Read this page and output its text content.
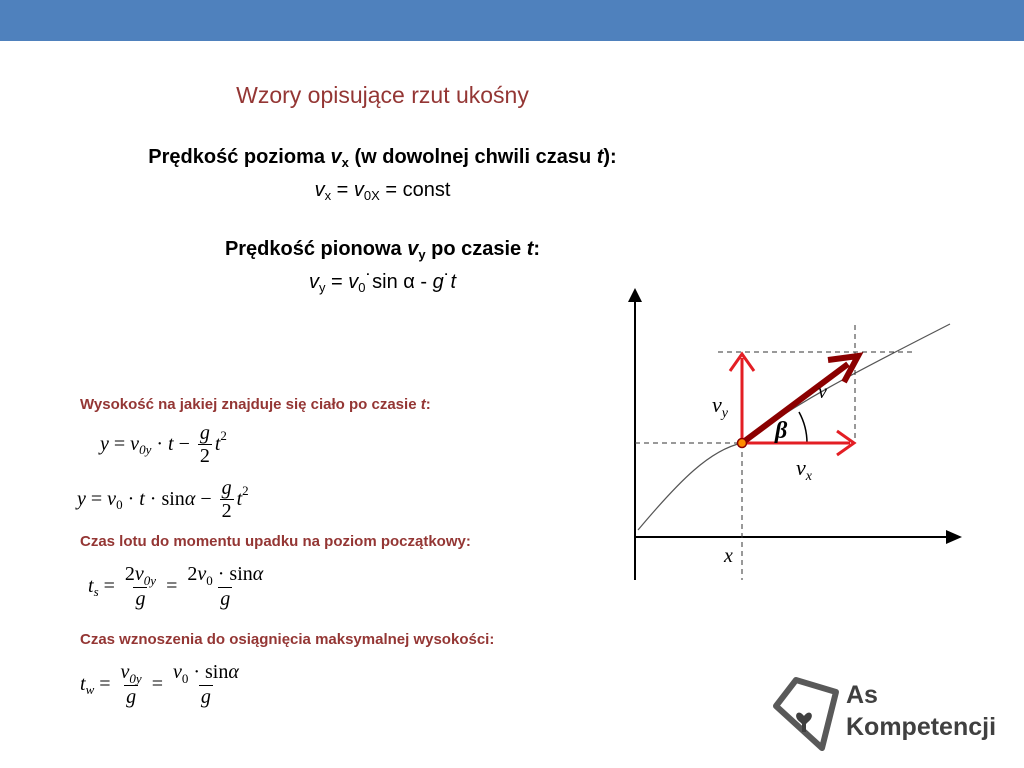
Wzory opisujące rzut ukośny
Prędkość pozioma $v_x$ (w dowolnej chwili czasu t):
$v_x = v_{0X}$ = const
Prędkość pionowa $v_y$ po czasie t:
$v_y$ = $v_0˙\sin$ α - g˙t
Wysokość na jakiej znajduje się ciało po czasie t:
y = v $0y \cdot t - \frac{g}{2}$ t 2
y = v $0 \cdot t \cdot \sin \alpha - \frac{g}{2}$ t 2
Czas lotu do momentu upadku na poziom początkowy:
t $s = \frac{2v_{0y}}{g} = \frac{2v_0 \cdot \sin\alpha}{g}$
Czas wznoszenia do osiągnięcia maksymalnej wysokości:
t $w = \frac{v_{0y}}{g} = \frac{v_0 \cdot \sin\alpha}{g}$
$v_y$
$v_x$
v
β
x
As
Kompetencji
